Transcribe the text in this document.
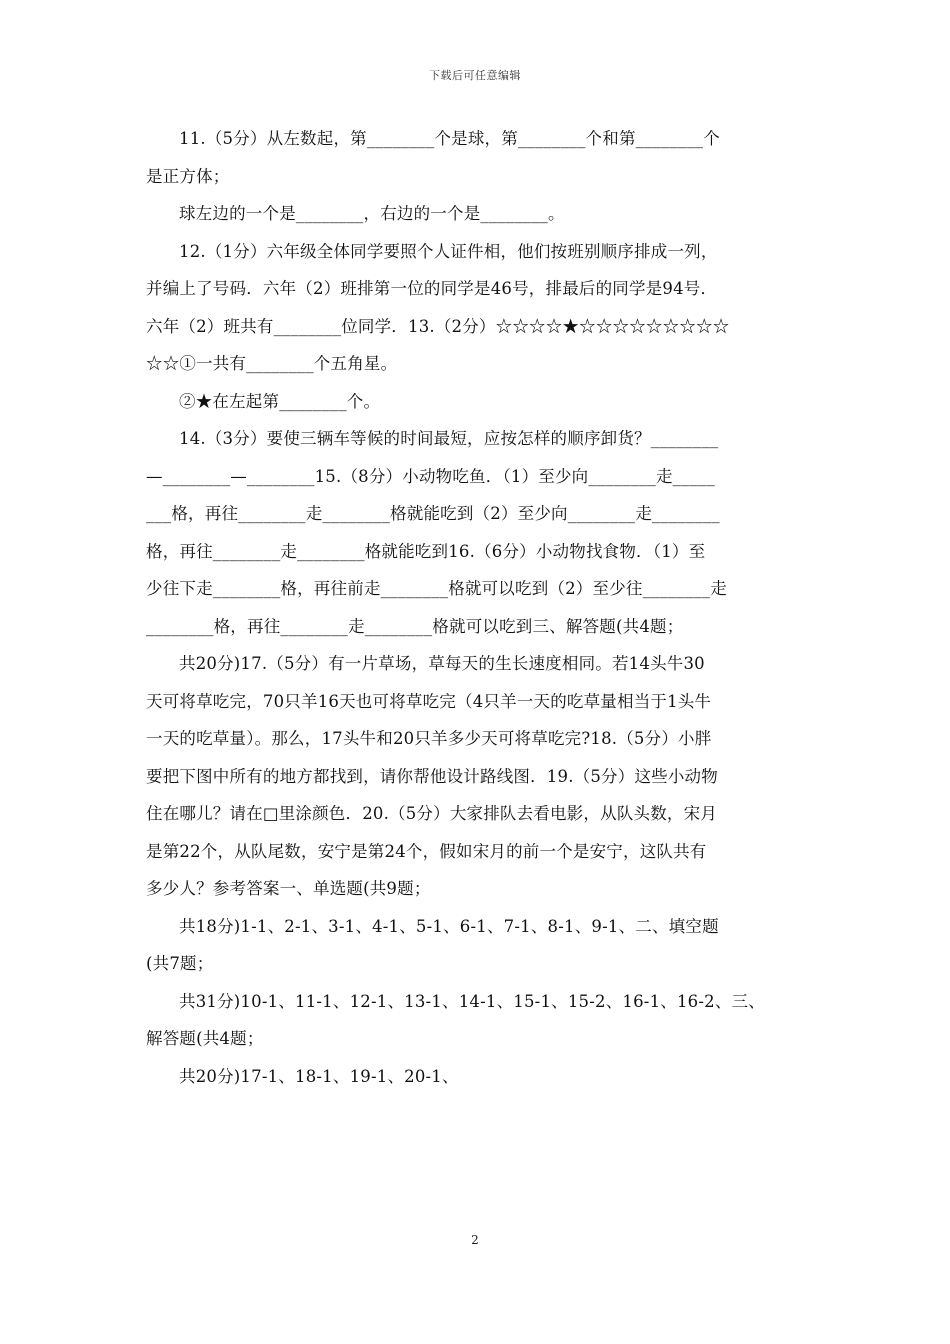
下载后可任意编辑
11.（5分）从左数起，第________个是球，第________个和第________个
是正方体；
球左边的一个是________，右边的一个是________。
12.（1分）六年级全体同学要照个人证件相，他们按班别顺序排成一列，
并编上了号码．六年（2）班排第一位的同学是46号，排最后的同学是94号．
六年（2）班共有________位同学．13.（2分）☆☆☆☆★☆☆☆☆☆☆☆☆☆
☆☆①一共有________个五角星。
②★在左起第________个。
14.（3分）要使三辆车等候的时间最短，应按怎样的顺序卸货？________
—________—________15.（8分）小动物吃鱼．（1）至少向________走_____
___格，再往________走________格就能吃到（2）至少向________走________
格，再往________走________格就能吃到16.（6分）小动物找食物．（1）至
少往下走________格，再往前走________格就可以吃到（2）至少往________走
________格，再往________走________格就可以吃到三、解答题(共4题；
共20分)17.（5分）有一片草场，草每天的生长速度相同。若14头牛30
天可将草吃完，70只羊16天也可将草吃完（4只羊一天的吃草量相当于1头牛
一天的吃草量）。那么，17头牛和20只羊多少天可将草吃完?18.（5分）小胖
要把下图中所有的地方都找到，请你帮他设计路线图．19.（5分）这些小动物
住在哪儿？请在□里涂颜色．20.（5分）大家排队去看电影，从队头数，宋月
是第22个，从队尾数，安宁是第24个，假如宋月的前一个是安宁，这队共有
多少人？参考答案一、单选题(共9题；
共18分)1-1、2-1、3-1、4-1、5-1、6-1、7-1、8-1、9-1、二、填空题
(共7题；
共31分)10-1、11-1、12-1、13-1、14-1、15-1、15-2、16-1、16-2、三、
解答题(共4题；
共20分)17-1、18-1、19-1、20-1、
2
